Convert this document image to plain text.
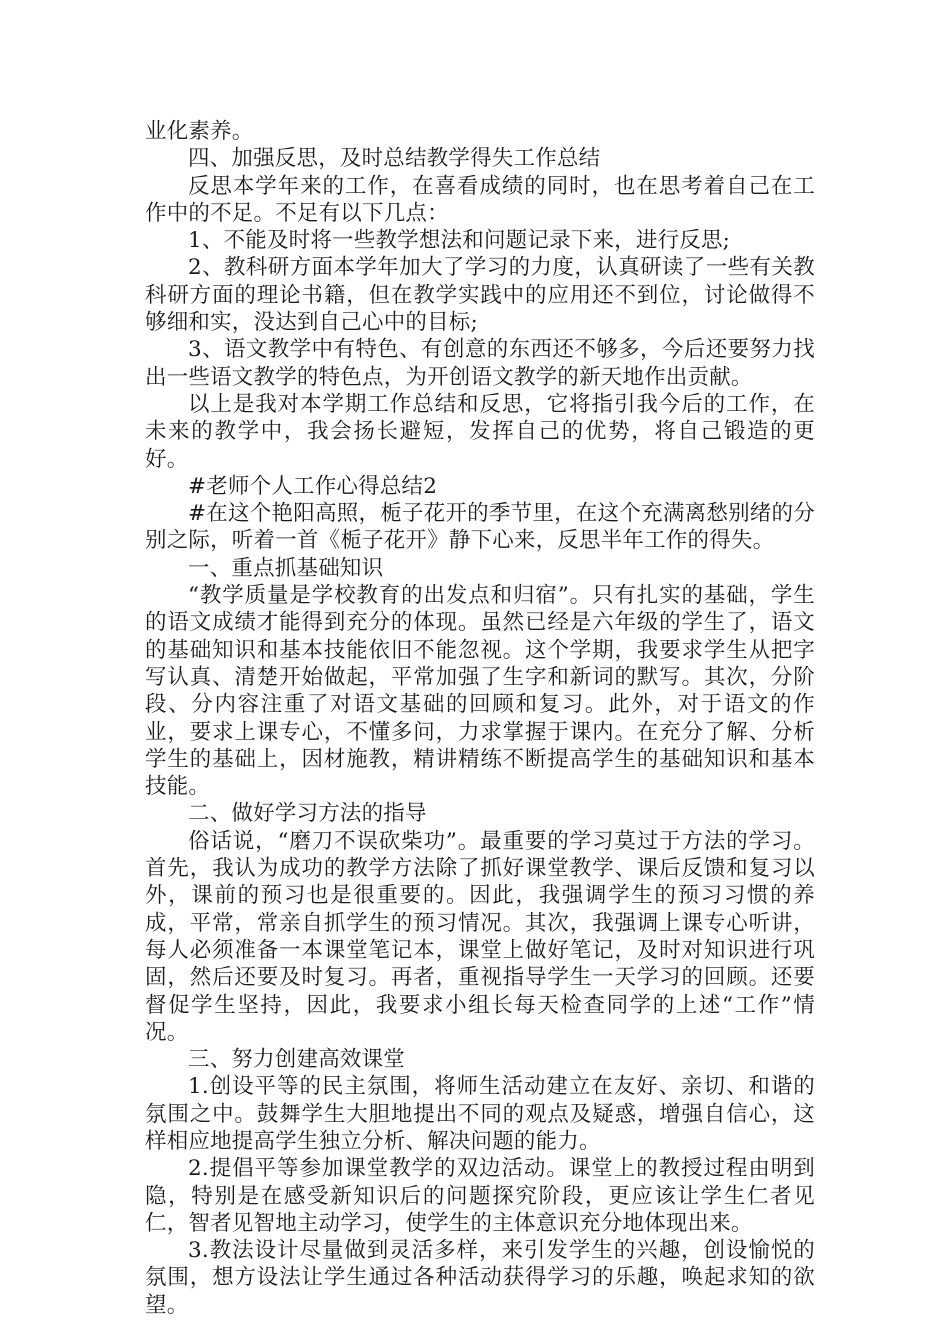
业化素养。

四、加强反思，及时总结教学得失工作总结

反思本学年来的工作，在喜看成绩的同时，也在思考着自己在工作中的不足。不足有以下几点：

1、不能及时将一些教学想法和问题记录下来，进行反思;

2、教科研方面本学年加大了学习的力度，认真研读了一些有关教科研方面的理论书籍，但在教学实践中的应用还不到位，讨论做得不够细和实，没达到自己心中的目标;

3、语文教学中有特色、有创意的东西还不够多，今后还要努力找出一些语文教学的特色点，为开创语文教学的新天地作出贡献。

以上是我对本学期工作总结和反思，它将指引我今后的工作，在未来的教学中，我会扬长避短，发挥自己的优势，将自己锻造的更好。

#老师个人工作心得总结2

#在这个艳阳高照，栀子花开的季节里，在这个充满离愁别绪的分别之际，听着一首《栀子花开》静下心来，反思半年工作的得失。

一、重点抓基础知识

“教学质量是学校教育的出发点和归宿”。只有扎实的基础，学生的语文成绩才能得到充分的体现。虽然已经是六年级的学生了，语文的基础知识和基本技能依旧不能忽视。这个学期，我要求学生从把字写认真、清楚开始做起，平常加强了生字和新词的默写。其次，分阶段、分内容注重了对语文基础的回顾和复习。此外，对于语文的作业，要求上课专心，不懂多问，力求掌握于课内。在充分了解、分析学生的基础上，因材施教，精讲精练不断提高学生的基础知识和基本技能。

二、做好学习方法的指导

俗话说，“磨刀不误砍柴功”。最重要的学习莫过于方法的学习。首先，我认为成功的教学方法除了抓好课堂教学、课后反馈和复习以外，课前的预习也是很重要的。因此，我强调学生的预习习惯的养成，平常，常亲自抓学生的预习情况。其次，我强调上课专心听讲，每人必须准备一本课堂笔记本，课堂上做好笔记，及时对知识进行巩固，然后还要及时复习。再者，重视指导学生一天学习的回顾。还要督促学生坚持，因此，我要求小组长每天检查同学的上述“工作”情况。

三、努力创建高效课堂

1.创设平等的民主氛围，将师生活动建立在友好、亲切、和谐的氛围之中。鼓舞学生大胆地提出不同的观点及疑惑，增强自信心，这样相应地提高学生独立分析、解决问题的能力。

2.提倡平等参加课堂教学的双边活动。课堂上的教授过程由明到隐，特别是在感受新知识后的问题探究阶段，更应该让学生仁者见仁，智者见智地主动学习，使学生的主体意识充分地体现出来。

3.教法设计尽量做到灵活多样，来引发学生的兴趣，创设愉悦的氛围，想方设法让学生通过各种活动获得学习的乐趣，唤起求知的欲望。
